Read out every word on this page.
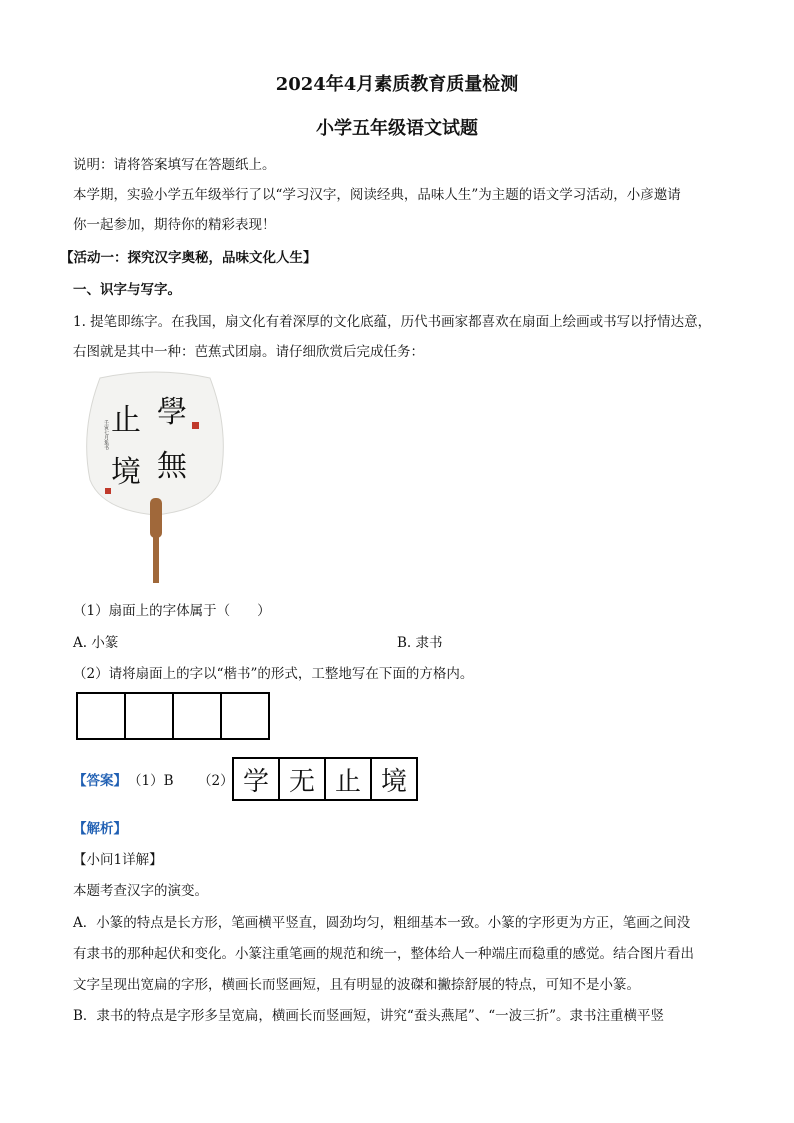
2024年4月素质教育质量检测
小学五年级语文试题
说明：请将答案填写在答题纸上。
本学期，实验小学五年级举行了以“学习汉字，阅读经典，品味人生”为主题的语文学习活动，小彦邀请
你一起参加，期待你的精彩表现！
【活动一：探究汉字奥秘，品味文化人生】
一、识字与写字。
1. 提笔即练字。在我国，扇文化有着深厚的文化底蕴，历代书画家都喜欢在扇面上绘画或书写以抒情达意，
右图就是其中一种：芭蕉式团扇。请仔细欣赏后完成任务：
學
止
無
境
壬寅七月集书
（1）扇面上的字体属于（　　）
A. 小篆	B. 隶书
（2）请将扇面上的字以“楷书”的形式，工整地写在下面的方格内。
【答案】 （1）B （2） 学 无 止 境
【解析】
【小问1详解】
本题考查汉字的演变。
A．小篆的特点是长方形，笔画横平竖直，圆劲均匀，粗细基本一致。小篆的字形更为方正，笔画之间没
有隶书的那种起伏和变化。小篆注重笔画的规范和统一，整体给人一种端庄而稳重的感觉。结合图片看出
文字呈现出宽扁的字形，横画长而竖画短，且有明显的波磔和撇捺舒展的特点，可知不是小篆。
B．隶书的特点是字形多呈宽扁，横画长而竖画短，讲究“蚕头燕尾”、“一波三折”。隶书注重横平竖
